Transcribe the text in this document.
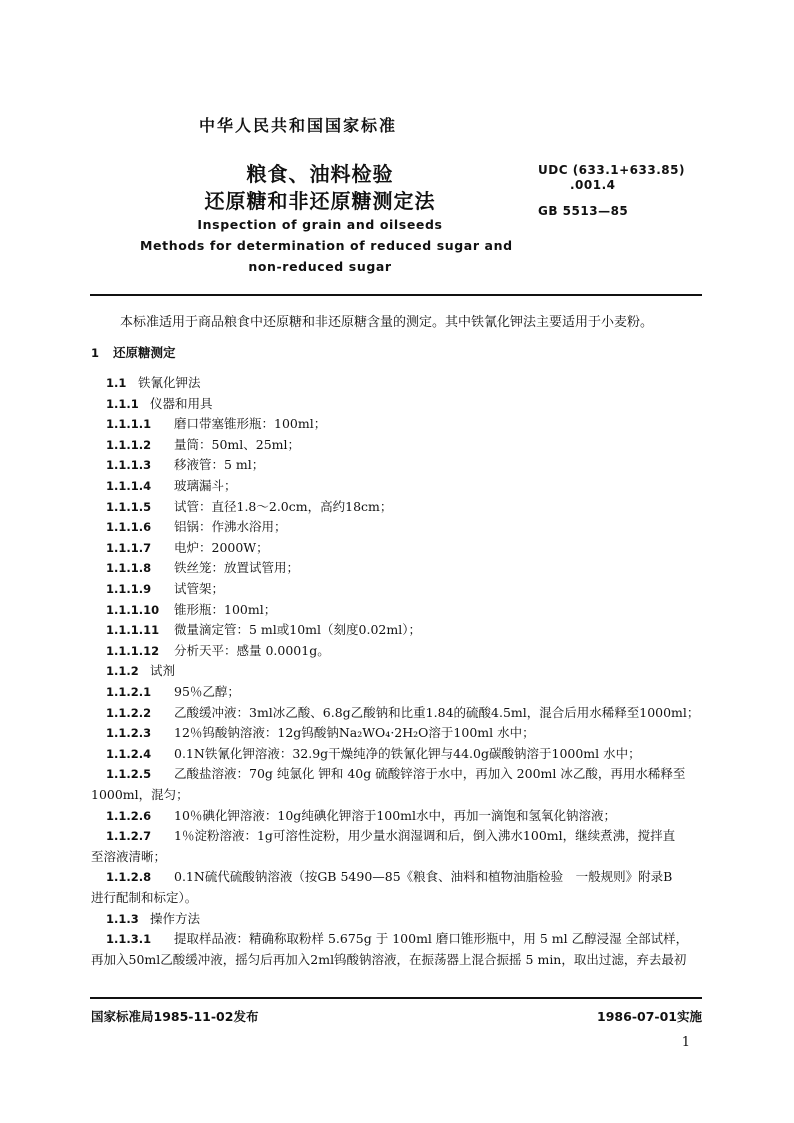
中华人民共和国国家标准
粮食、油料检验
还原糖和非还原糖测定法
Inspection of grain and oilseeds
Methods for determination of reduced sugar and
non-reduced sugar
UDC (633.1+633.85)
.001.4
GB 5513—85
本标准适用于商品粮食中还原糖和非还原糖含量的测定。其中铁氰化钾法主要适用于小麦粉。
1 还原糖测定
1.1 铁氰化钾法
1.1.1 仪器和用具
1.1.1.1 磨口带塞锥形瓶：100ml；
1.1.1.2 量筒：50ml、25ml；
1.1.1.3 移液管：5 ml；
1.1.1.4 玻璃漏斗；
1.1.1.5 试管：直径1.8～2.0cm，高约18cm；
1.1.1.6 铝锅：作沸水浴用；
1.1.1.7 电炉：2000W；
1.1.1.8 铁丝笼：放置试管用；
1.1.1.9 试管架；
1.1.1.10 锥形瓶：100ml；
1.1.1.11 微量滴定管：5 ml或10ml（刻度0.02ml）；
1.1.1.12 分析天平：感量 0.0001g。
1.1.2 试剂
1.1.2.1 95％乙醇；
1.1.2.2 乙酸缓冲液：3ml冰乙酸、6.8g乙酸钠和比重1.84的硫酸4.5ml，混合后用水稀释至1000ml；
1.1.2.3 12％钨酸钠溶液：12g钨酸钠Na₂WO₄·2H₂O溶于100ml 水中；
1.1.2.4 0.1N铁氰化钾溶液：32.9g干燥纯净的铁氰化钾与44.0g碳酸钠溶于1000ml 水中；
1.1.2.5 乙酸盐溶液：70g 纯氯化 钾和 40g 硫酸锌溶于水中，再加入 200ml 冰乙酸，再用水稀释至
1000ml，混匀；
1.1.2.6 10％碘化钾溶液：10g纯碘化钾溶于100ml水中，再加一滴饱和氢氧化钠溶液；
1.1.2.7 1％淀粉溶液：1g可溶性淀粉，用少量水润湿调和后，倒入沸水100ml，继续煮沸，搅拌直
至溶液清晰；
1.1.2.8 0.1N硫代硫酸钠溶液（按GB 5490—85《粮食、油料和植物油脂检验　一般规则》附录B
进行配制和标定）。
1.1.3 操作方法
1.1.3.1 提取样品液：精确称取粉样 5.675g 于 100ml 磨口锥形瓶中，用 5 ml 乙醇浸湿 全部试样，
再加入50ml乙酸缓冲液，摇匀后再加入2ml钨酸钠溶液，在振荡器上混合振摇 5 min，取出过滤，弃去最初
国家标准局1985-11-02发布	1986-07-01实施
1
